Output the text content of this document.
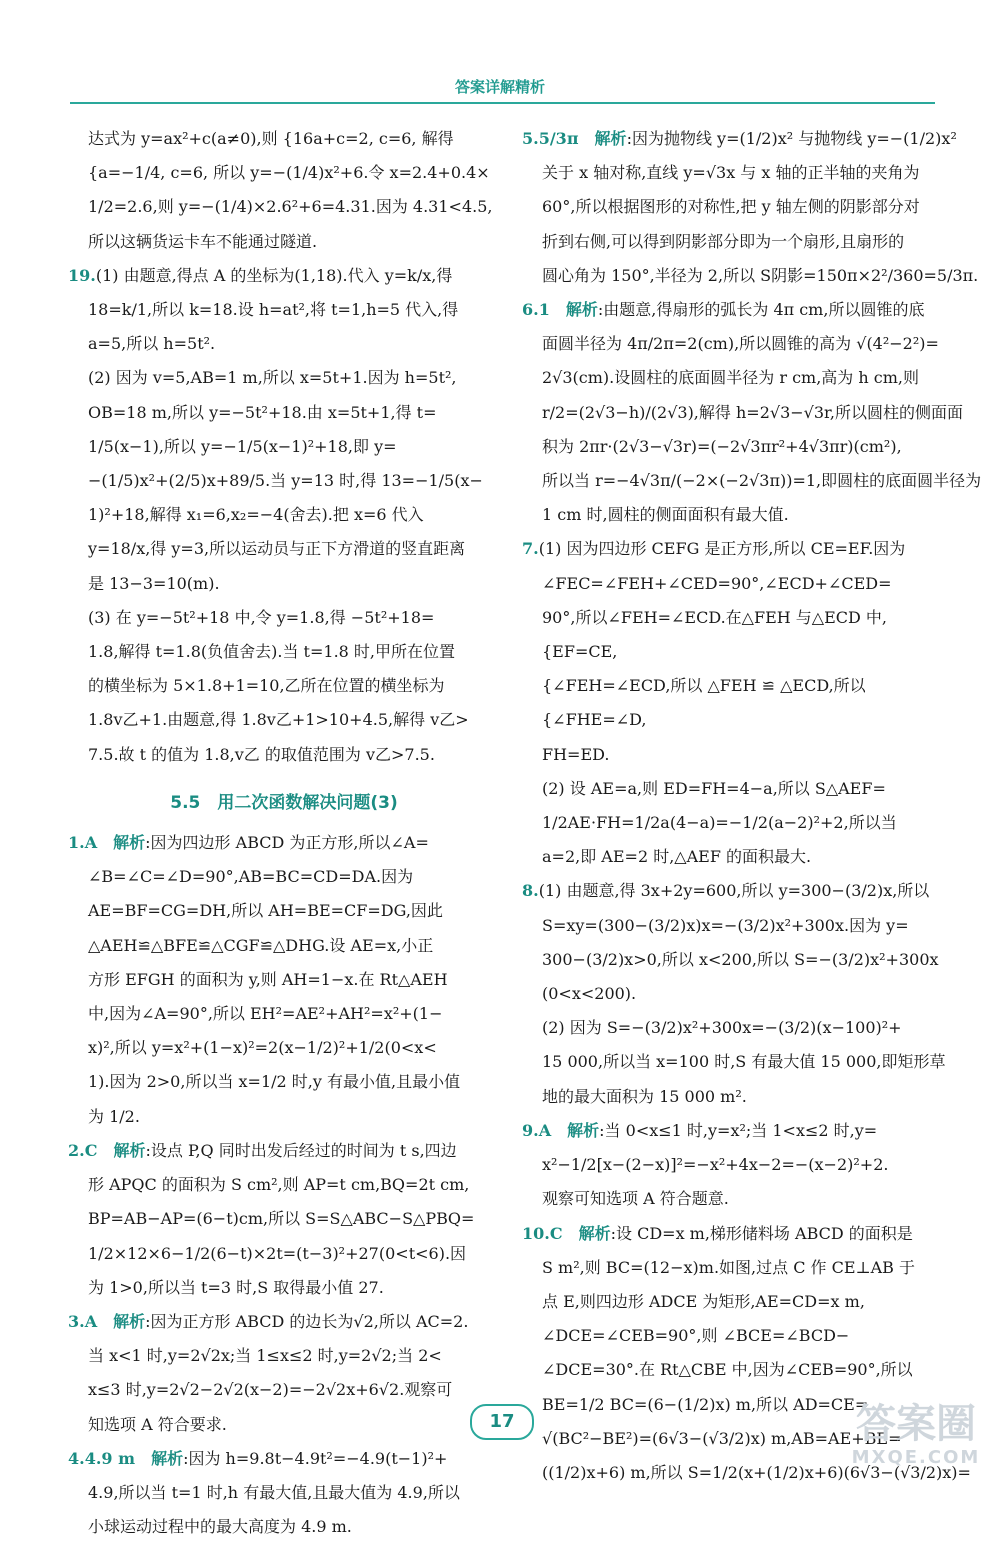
答案详解精析

达式为 y=ax²+c(a≠0),则 {16a+c=2, c=6, 解得

{a=−1/4, c=6, 所以 y=−(1/4)x²+6.令 x=2.4+0.4×

1/2=2.6,则 y=−(1/4)×2.6²+6=4.31.因为 4.31<4.5,

所以这辆货运卡车不能通过隧道.

19.(1) 由题意,得点 A 的坐标为(1,18).代入 y=k/x,得

18=k/1,所以 k=18.设 h=at²,将 t=1,h=5 代入,得

a=5,所以 h=5t².

(2) 因为 v=5,AB=1 m,所以 x=5t+1.因为 h=5t²,

OB=18 m,所以 y=−5t²+18.由 x=5t+1,得 t=

1/5(x−1),所以 y=−1/5(x−1)²+18,即 y=

−(1/5)x²+(2/5)x+89/5.当 y=13 时,得 13=−1/5(x−

1)²+18,解得 x₁=6,x₂=−4(舍去).把 x=6 代入

y=18/x,得 y=3,所以运动员与正下方滑道的竖直距离

是 13−3=10(m).

(3) 在 y=−5t²+18 中,令 y=1.8,得 −5t²+18=

1.8,解得 t=1.8(负值舍去).当 t=1.8 时,甲所在位置

的横坐标为 5×1.8+1=10,乙所在位置的横坐标为

1.8v乙+1.由题意,得 1.8v乙+1>10+4.5,解得 v乙>

7.5.故 t 的值为 1.8,v乙 的取值范围为 v乙>7.5.

5.5　用二次函数解决问题(3)

1.A　 解析:因为四边形 ABCD 为正方形,所以∠A=

∠B=∠C=∠D=90°,AB=BC=CD=DA.因为

AE=BF=CG=DH,所以 AH=BE=CF=DG,因此

△AEH≌△BFE≌△CGF≌△DHG.设 AE=x,小正

方形 EFGH 的面积为 y,则 AH=1−x.在 Rt△AEH

中,因为∠A=90°,所以 EH²=AE²+AH²=x²+(1−

x)²,所以 y=x²+(1−x)²=2(x−1/2)²+1/2(0<x<

1).因为 2>0,所以当 x=1/2 时,y 有最小值,且最小值

为 1/2.

2.C　 解析:设点 P,Q 同时出发后经过的时间为 t s,四边

形 APQC 的面积为 S cm²,则 AP=t cm,BQ=2t cm,

BP=AB−AP=(6−t)cm,所以 S=S△ABC−S△PBQ=

1/2×12×6−1/2(6−t)×2t=(t−3)²+27(0<t<6).因

为 1>0,所以当 t=3 时,S 取得最小值 27.

3.A　 解析:因为正方形 ABCD 的边长为√2,所以 AC=2.

当 x<1 时,y=2√2x;当 1≤x≤2 时,y=2√2;当 2<

x≤3 时,y=2√2−2√2(x−2)=−2√2x+6√2.观察可

知选项 A 符合要求.

4.4.9 m　 解析:因为 h=9.8t−4.9t²=−4.9(t−1)²+

4.9,所以当 t=1 时,h 有最大值,且最大值为 4.9,所以

小球运动过程中的最大高度为 4.9 m.

5.5/3π　 解析:因为抛物线 y=(1/2)x² 与抛物线 y=−(1/2)x²

关于 x 轴对称,直线 y=√3x 与 x 轴的正半轴的夹角为

60°,所以根据图形的对称性,把 y 轴左侧的阴影部分对

折到右侧,可以得到阴影部分即为一个扇形,且扇形的

圆心角为 150°,半径为 2,所以 S阴影=150π×2²/360=5/3π.

6.1　 解析:由题意,得扇形的弧长为 4π cm,所以圆锥的底

面圆半径为 4π/2π=2(cm),所以圆锥的高为 √(4²−2²)=

2√3(cm).设圆柱的底面圆半径为 r cm,高为 h cm,则

r/2=(2√3−h)/(2√3),解得 h=2√3−√3r,所以圆柱的侧面面

积为 2πr·(2√3−√3r)=(−2√3πr²+4√3πr)(cm²),

所以当 r=−4√3π/(−2×(−2√3π))=1,即圆柱的底面圆半径为

1 cm 时,圆柱的侧面面积有最大值.

7.(1) 因为四边形 CEFG 是正方形,所以 CE=EF.因为

∠FEC=∠FEH+∠CED=90°,∠ECD+∠CED=

90°,所以∠FEH=∠ECD.在△FEH 与△ECD 中,

{EF=CE,

{∠FEH=∠ECD,所以 △FEH ≌ △ECD,所以

{∠FHE=∠D,

FH=ED.

(2) 设 AE=a,则 ED=FH=4−a,所以 S△AEF=

1/2AE·FH=1/2a(4−a)=−1/2(a−2)²+2,所以当

a=2,即 AE=2 时,△AEF 的面积最大.

8.(1) 由题意,得 3x+2y=600,所以 y=300−(3/2)x,所以

S=xy=(300−(3/2)x)x=−(3/2)x²+300x.因为 y=

300−(3/2)x>0,所以 x<200,所以 S=−(3/2)x²+300x

(0<x<200).

(2) 因为 S=−(3/2)x²+300x=−(3/2)(x−100)²+

15 000,所以当 x=100 时,S 有最大值 15 000,即矩形草

地的最大面积为 15 000 m².

9.A　 解析:当 0<x≤1 时,y=x²;当 1<x≤2 时,y=

x²−1/2[x−(2−x)]²=−x²+4x−2=−(x−2)²+2.

观察可知选项 A 符合题意.

10.C　 解析:设 CD=x m,梯形储料场 ABCD 的面积是

S m²,则 BC=(12−x)m.如图,过点 C 作 CE⊥AB 于

点 E,则四边形 ADCE 为矩形,AE=CD=x m,

∠DCE=∠CEB=90°,则 ∠BCE=∠BCD−

∠DCE=30°.在 Rt△CBE 中,因为∠CEB=90°,所以

BE=1/2 BC=(6−(1/2)x) m,所以 AD=CE=

√(BC²−BE²)=(6√3−(√3/2)x) m,AB=AE+BE=

((1/2)x+6) m,所以 S=1/2(x+(1/2)x+6)(6√3−(√3/2)x)=

17	答案圈
MXQE.COM
